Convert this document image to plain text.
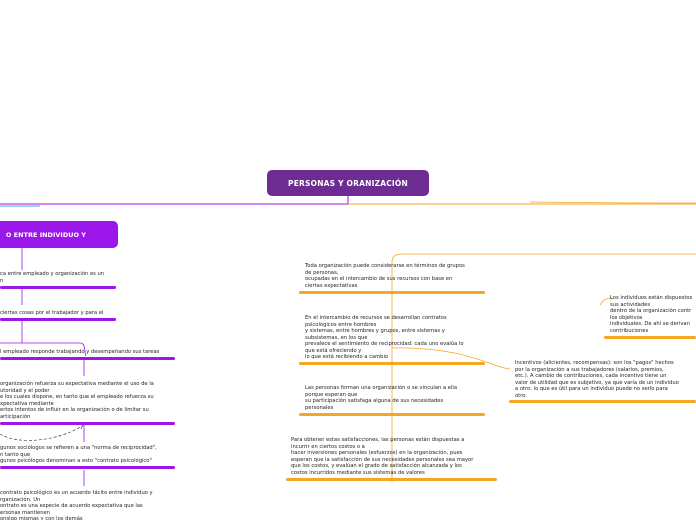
PERSONAS Y ORANIZACIÓN
O ENTRE INDIVIDUO Y
ca entre empleado y organización es un
n
ciertas cosas por el trabajador y para el
l empleado responde trabajando y desempeñando sus tareas
organización refuerza su expectativa mediante el uso de la
utoridad y el poder
e los cuales dispone, en tanto que el empleado refuerza su
xpectativa mediante
ertos intentos de influir en la organización o de limitar su
articipación
gunos sociólogos se refieren a una "norma de reciprocidad",
n tanto que
gunos psicólogos denominan a esto "contrato psicológico"
contrato psicológico es un acuerdo tácito entre individuo y
rganización. Un
ontrato es una especie de acuerdo expectativa que las
ersonas mantienen
onsigo mismas y con los demás
Toda organización puede considerarse en términos de grupos
de personas,
ocupadas en el intercambio de sus recursos con base en
ciertas expectativas
En el intercambio de recursos se desarrollan contratos
psicológicos entre hombres
y sistemas, entre hombres y grupos, entre sistemas y
subsistemas, en los que
prevalece el sentimiento de reciprocidad: cada uno evalúa lo
que está ofreciendo y
lo que está recibiendo a cambio
Las personas forman una organización o se vinculan a ella
porque esperan que
su participación satisfaga alguna de sus necesidades
personales
Para obtener estas satisfacciones, las personas están dispuestas a
incurrir en ciertos costos o a
hacer inversiones personales (esfuerzos) en la organización, pues
esperan que la satisfacción de sus necesidades personales sea mayor
que los costos, y evalúan el grado de satisfacción alcanzada y los
costos incurridos mediante sus sistemas de valores
Los individuos están dispuestos
sus actividades
dentro de la organización contr
los objetivos
individuales. De ahí se derivan
contribuciones
Incentivos (alicientes, recompensas): son los "pagos" hechos
por la organización a sus trabajadores (salarios, premios,
etc.). A cambio de contribuciones, cada incentivo tiene un
valor de utilidad que es subjetivo, ya que varía de un individuo
a otro: lo que es útil para un individuo puede no serlo para
otro.
